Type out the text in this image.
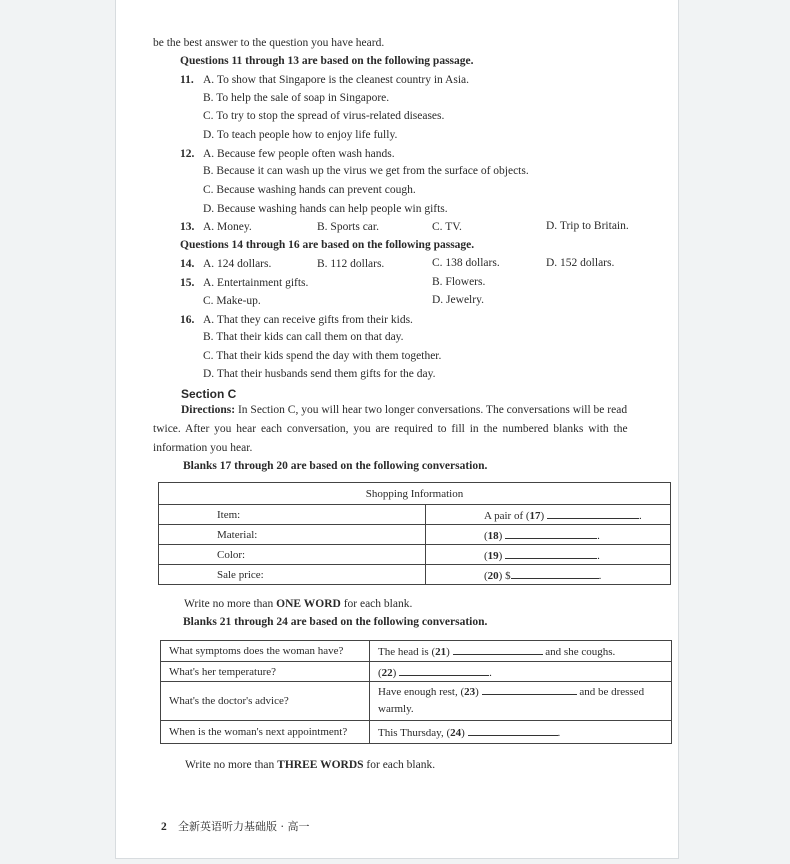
be the best answer to the question you have heard.
Questions 11 through 13 are based on the following passage.
11. A. To show that Singapore is the cleanest country in Asia.
B. To help the sale of soap in Singapore.
C. To try to stop the spread of virus-related diseases.
D. To teach people how to enjoy life fully.
12. A. Because few people often wash hands.
B. Because it can wash up the virus we get from the surface of objects.
C. Because washing hands can prevent cough.
D. Because washing hands can help people win gifts.
13. A. Money.	B. Sports car.	C. TV.	D. Trip to Britain.
Questions 14 through 16 are based on the following passage.
14. A. 124 dollars.	B. 112 dollars.	C. 138 dollars.	D. 152 dollars.
15. A. Entertainment gifts.	B. Flowers.
C. Make-up.	D. Jewelry.
16. A. That they can receive gifts from their kids.
B. That their kids can call them on that day.
C. That their kids spend the day with them together.
D. That their husbands send them gifts for the day.
Section C
Directions: In Section C, you will hear two longer conversations. The conversations will be read
twice. After you hear each conversation, you are required to fill in the numbered blanks with the
information you hear.
Blanks 17 through 20 are based on the following conversation.
Shopping Information	
Item:	A pair of (17) .
Material:	(18) .
Color:	(19) .
Sale price:	(20) $ .
Write no more than ONE WORD for each blank.
Blanks 21 through 24 are based on the following conversation.
What symptoms does the woman have?	The head is (21) and she coughs.
What's her temperature?	(22) .
What's the doctor's advice?	Have enough rest, (23) and be dressed warmly.
When is the woman's next appointment?	This Thursday, (24) .
Write no more than THREE WORDS for each blank.
2 全新英语听力基础版 · 高一
